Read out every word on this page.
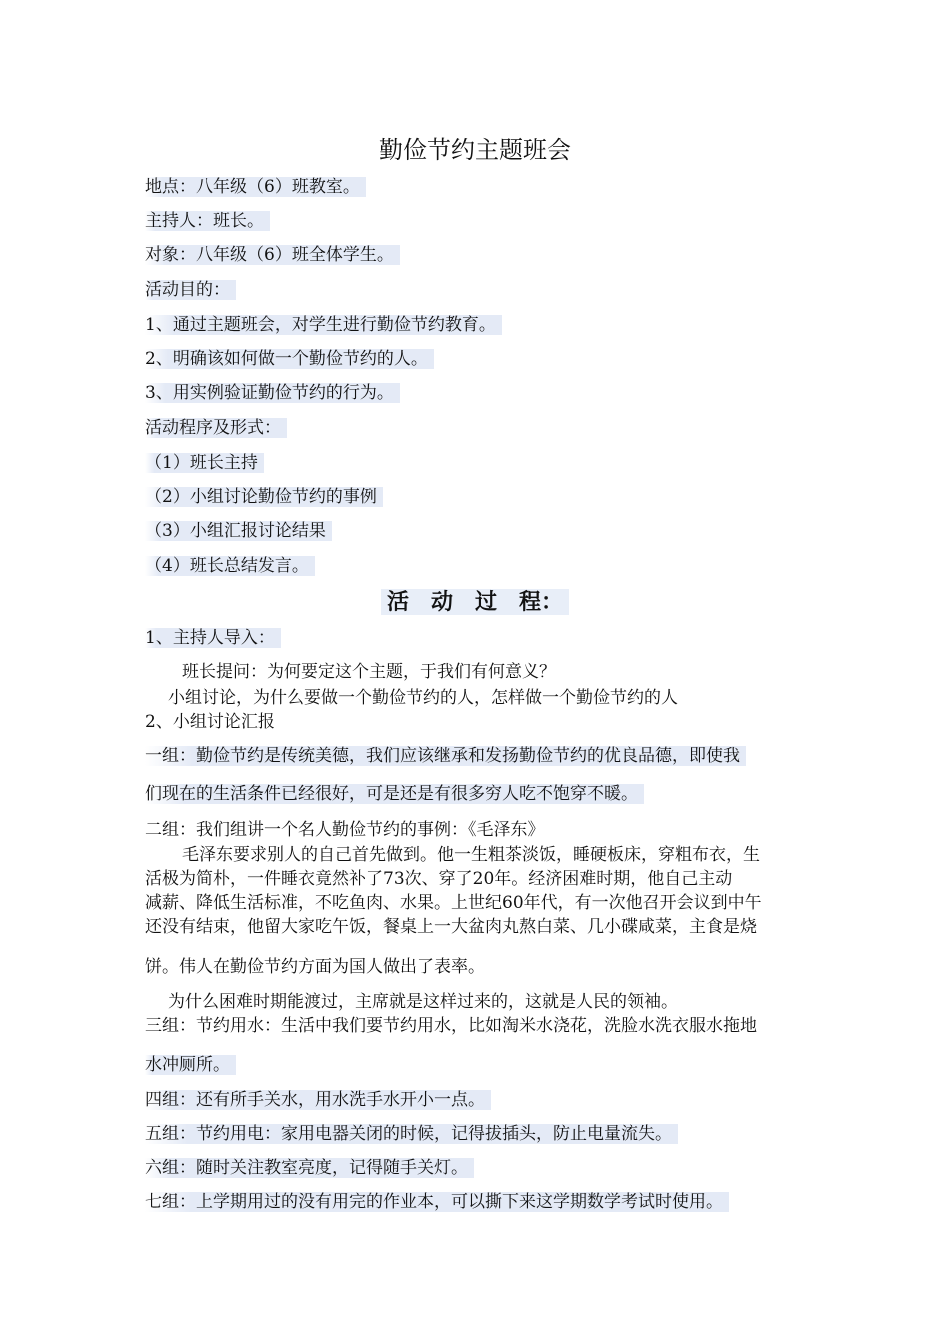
勤俭节约主题班会
地点：八年级（6）班教室。
主持人：班长。
对象：八年级（6）班全体学生。
活动目的：
1、通过主题班会，对学生进行勤俭节约教育。
2、明确该如何做一个勤俭节约的人。
3、用实例验证勤俭节约的行为。
活动程序及形式：
（1）班长主持
（2）小组讨论勤俭节约的事例
（3）小组汇报讨论结果
（4）班长总结发言。
活　动　过　程：
1、主持人导入：
班长提问：为何要定这个主题，于我们有何意义？
小组讨论，为什么要做一个勤俭节约的人，怎样做一个勤俭节约的人
2、小组讨论汇报
一组：勤俭节约是传统美德，我们应该继承和发扬勤俭节约的优良品德，即使我
们现在的生活条件已经很好，可是还是有很多穷人吃不饱穿不暖。
二组：我们组讲一个名人勤俭节约的事例：《毛泽东》
毛泽东要求别人的自己首先做到。他一生粗茶淡饭，睡硬板床，穿粗布衣，生
活极为简朴，一件睡衣竟然补了73次、穿了20年。经济困难时期，他自己主动
减薪、降低生活标准，不吃鱼肉、水果。上世纪60年代，有一次他召开会议到中午
还没有结束，他留大家吃午饭，餐桌上一大盆肉丸熬白菜、几小碟咸菜，主食是烧
饼。伟人在勤俭节约方面为国人做出了表率。
为什么困难时期能渡过，主席就是这样过来的，这就是人民的领袖。
三组：节约用水：生活中我们要节约用水，比如淘米水浇花，洗脸水洗衣服水拖地
水冲厕所。
四组：还有所手关水，用水洗手水开小一点。
五组：节约用电：家用电器关闭的时候，记得拔插头，防止电量流失。
六组：随时关注教室亮度，记得随手关灯。
七组：上学期用过的没有用完的作业本，可以撕下来这学期数学考试时使用。
